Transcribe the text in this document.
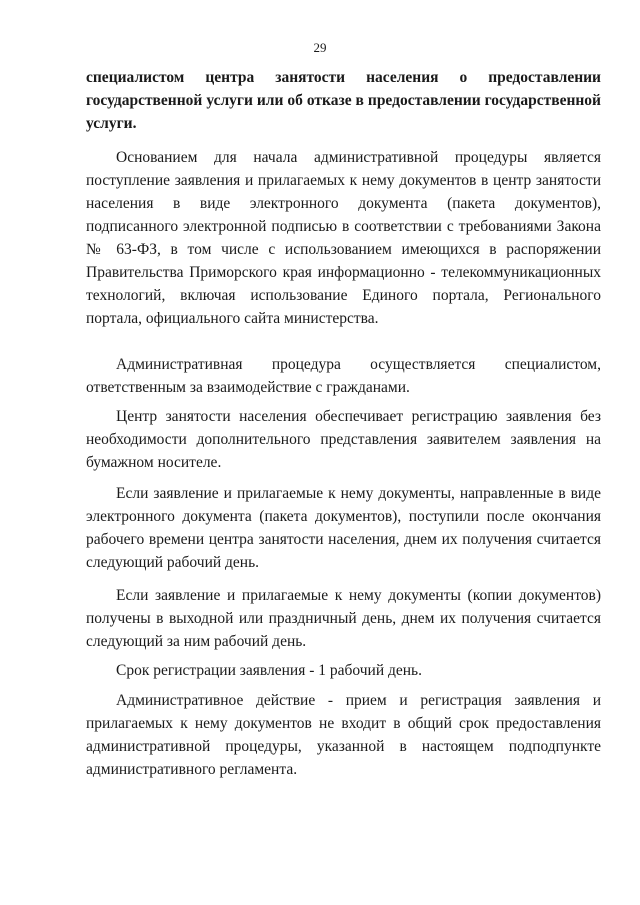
29
специалистом центра занятости населения о предоставлении государственной услуги или об отказе в предоставлении государственной услуги.
Основанием для начала административной процедуры является поступление заявления и прилагаемых к нему документов в центр занятости населения в виде электронного документа (пакета документов), подписанного электронной подписью в соответствии с требованиями Закона № 63-ФЗ, в том числе с использованием имеющихся в распоряжении Правительства Приморского края информационно - телекоммуникационных технологий, включая использование Единого портала, Регионального портала, официального сайта министерства.
Административная процедура осуществляется специалистом, ответственным за взаимодействие с гражданами.
Центр занятости населения обеспечивает регистрацию заявления без необходимости дополнительного представления заявителем заявления на бумажном носителе.
Если заявление и прилагаемые к нему документы, направленные в виде электронного документа (пакета документов), поступили после окончания рабочего времени центра занятости населения, днем их получения считается следующий рабочий день.
Если заявление и прилагаемые к нему документы (копии документов) получены в выходной или праздничный день, днем их получения считается следующий за ним рабочий день.
Срок регистрации заявления - 1 рабочий день.
Административное действие - прием и регистрация заявления и прилагаемых к нему документов не входит в общий срок предоставления административной процедуры, указанной в настоящем подподпункте административного регламента.
